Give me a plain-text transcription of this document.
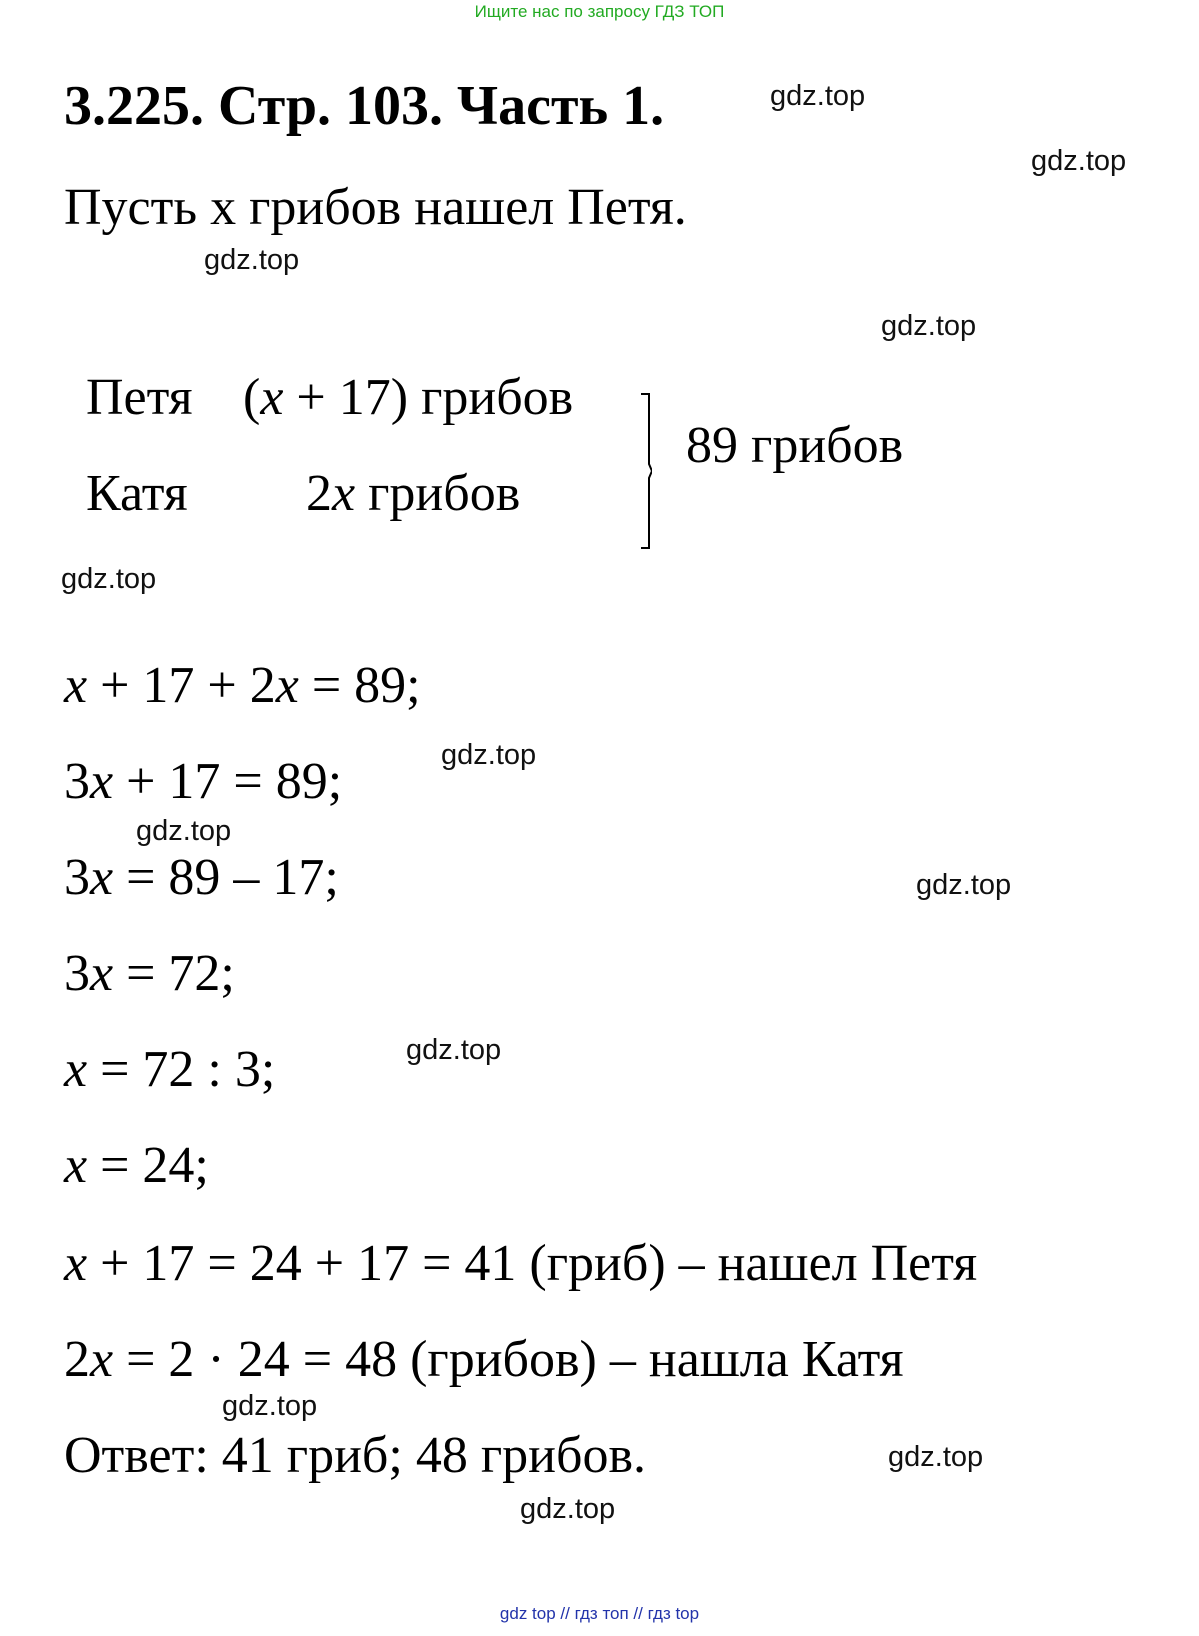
Ищите нас по запросу ГДЗ ТОП
3.225. Стр. 103. Часть 1.
Пусть х грибов нашел Петя.
Петя (x + 17) грибов
Катя 2x грибов
89 грибов
x + 17 + 2x = 89;
3x + 17 = 89;
3x = 89 – 17;
3x = 72;
x = 72 : 3;
x = 24;
x + 17 = 24 + 17 = 41 (гриб) – нашел Петя
2x = 2 · 24 = 48 (грибов) – нашла Катя
Ответ: 41 гриб; 48 грибов.
gdz.top
gdz.top
gdz.top
gdz.top
gdz.top
gdz.top
gdz.top
gdz.top
gdz.top
gdz.top
gdz.top
gdz.top
gdz top // гдз топ // гдз top
